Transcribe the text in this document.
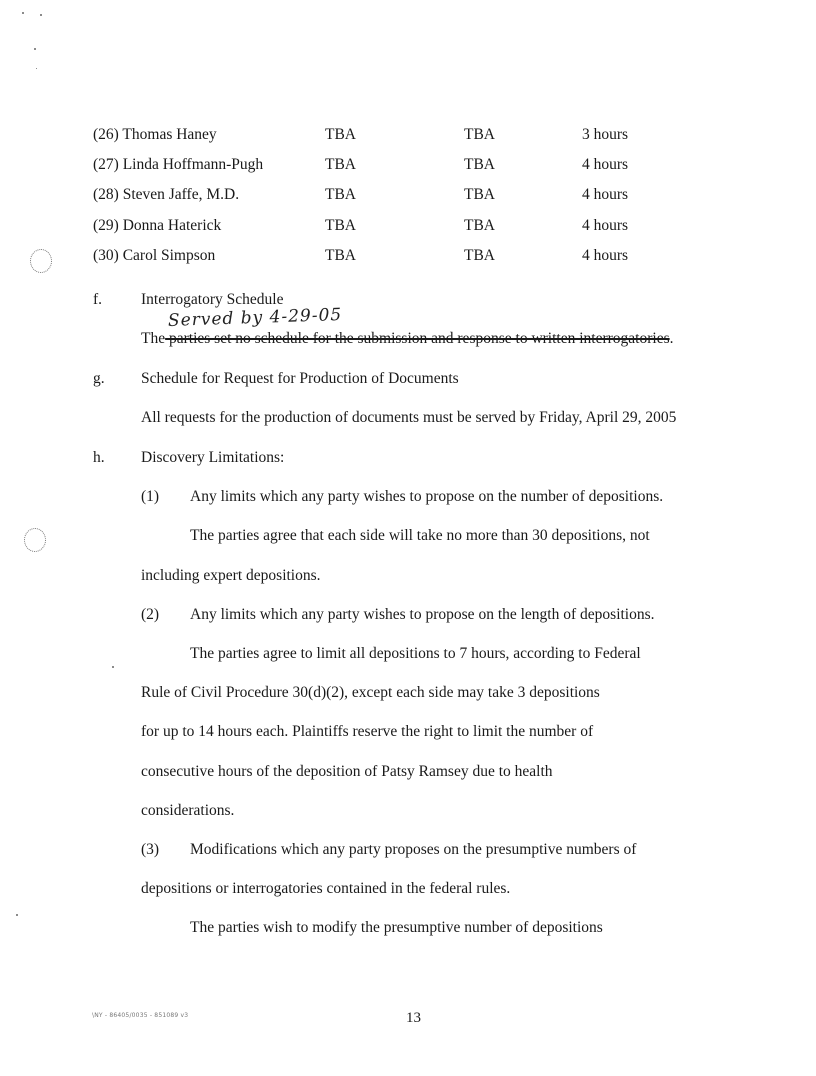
(26) Thomas Haney	TBA	TBA	3 hours
(27) Linda Hoffmann-Pugh	TBA	TBA	4 hours
(28) Steven Jaffe, M.D.	TBA	TBA	4 hours
(29) Donna Haterick	TBA	TBA	4 hours
(30) Carol Simpson	TBA	TBA	4 hours
f.	Interrogatory Schedule
Served by 4-29-05
The parties set no schedule for the submission and response to written interrogatories.
g. Schedule for Request for Production of Documents
All requests for the production of documents must be served by Friday, April 29, 2005
h. Discovery Limitations:
(1) Any limits which any party wishes to propose on the number of depositions.
The parties agree that each side will take no more than 30 depositions, not
including expert depositions.
(2) Any limits which any party wishes to propose on the length of depositions.
The parties agree to limit all depositions to 7 hours, according to Federal
Rule of Civil Procedure 30(d)(2), except each side may take 3 depositions
for up to 14 hours each. Plaintiffs reserve the right to limit the number of
consecutive hours of the deposition of Patsy Ramsey due to health
considerations.
(3) Modifications which any party proposes on the presumptive numbers of
depositions or interrogatories contained in the federal rules.
The parties wish to modify the presumptive number of depositions
\NY - 86405/0035 - 851089 v3	13
